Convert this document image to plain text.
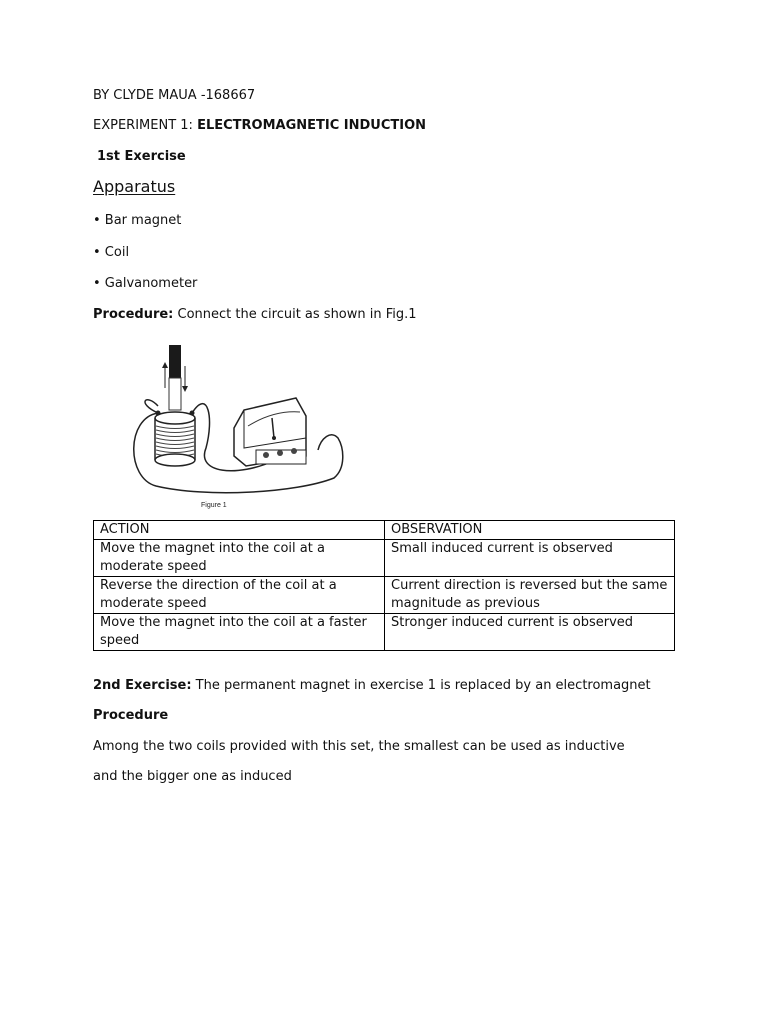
BY CLYDE MAUA -168667
EXPERIMENT 1: ELECTROMAGNETIC INDUCTION
1st Exercise
Apparatus
• Bar magnet
• Coil
• Galvanometer
Procedure: Connect the circuit as shown in Fig.1
Figure 1
ACTION	OBSERVATION
Move the magnet into the coil at a moderate speed	Small induced current is observed
Reverse the direction of the coil at a moderate speed	Current direction is reversed but the same magnitude as previous
Move the magnet into the coil at a faster speed	Stronger induced current is observed
2nd Exercise: The permanent magnet in exercise 1 is replaced by an electromagnet
Procedure
Among the two coils provided with this set, the smallest can be used as inductive
and the bigger one as induced
